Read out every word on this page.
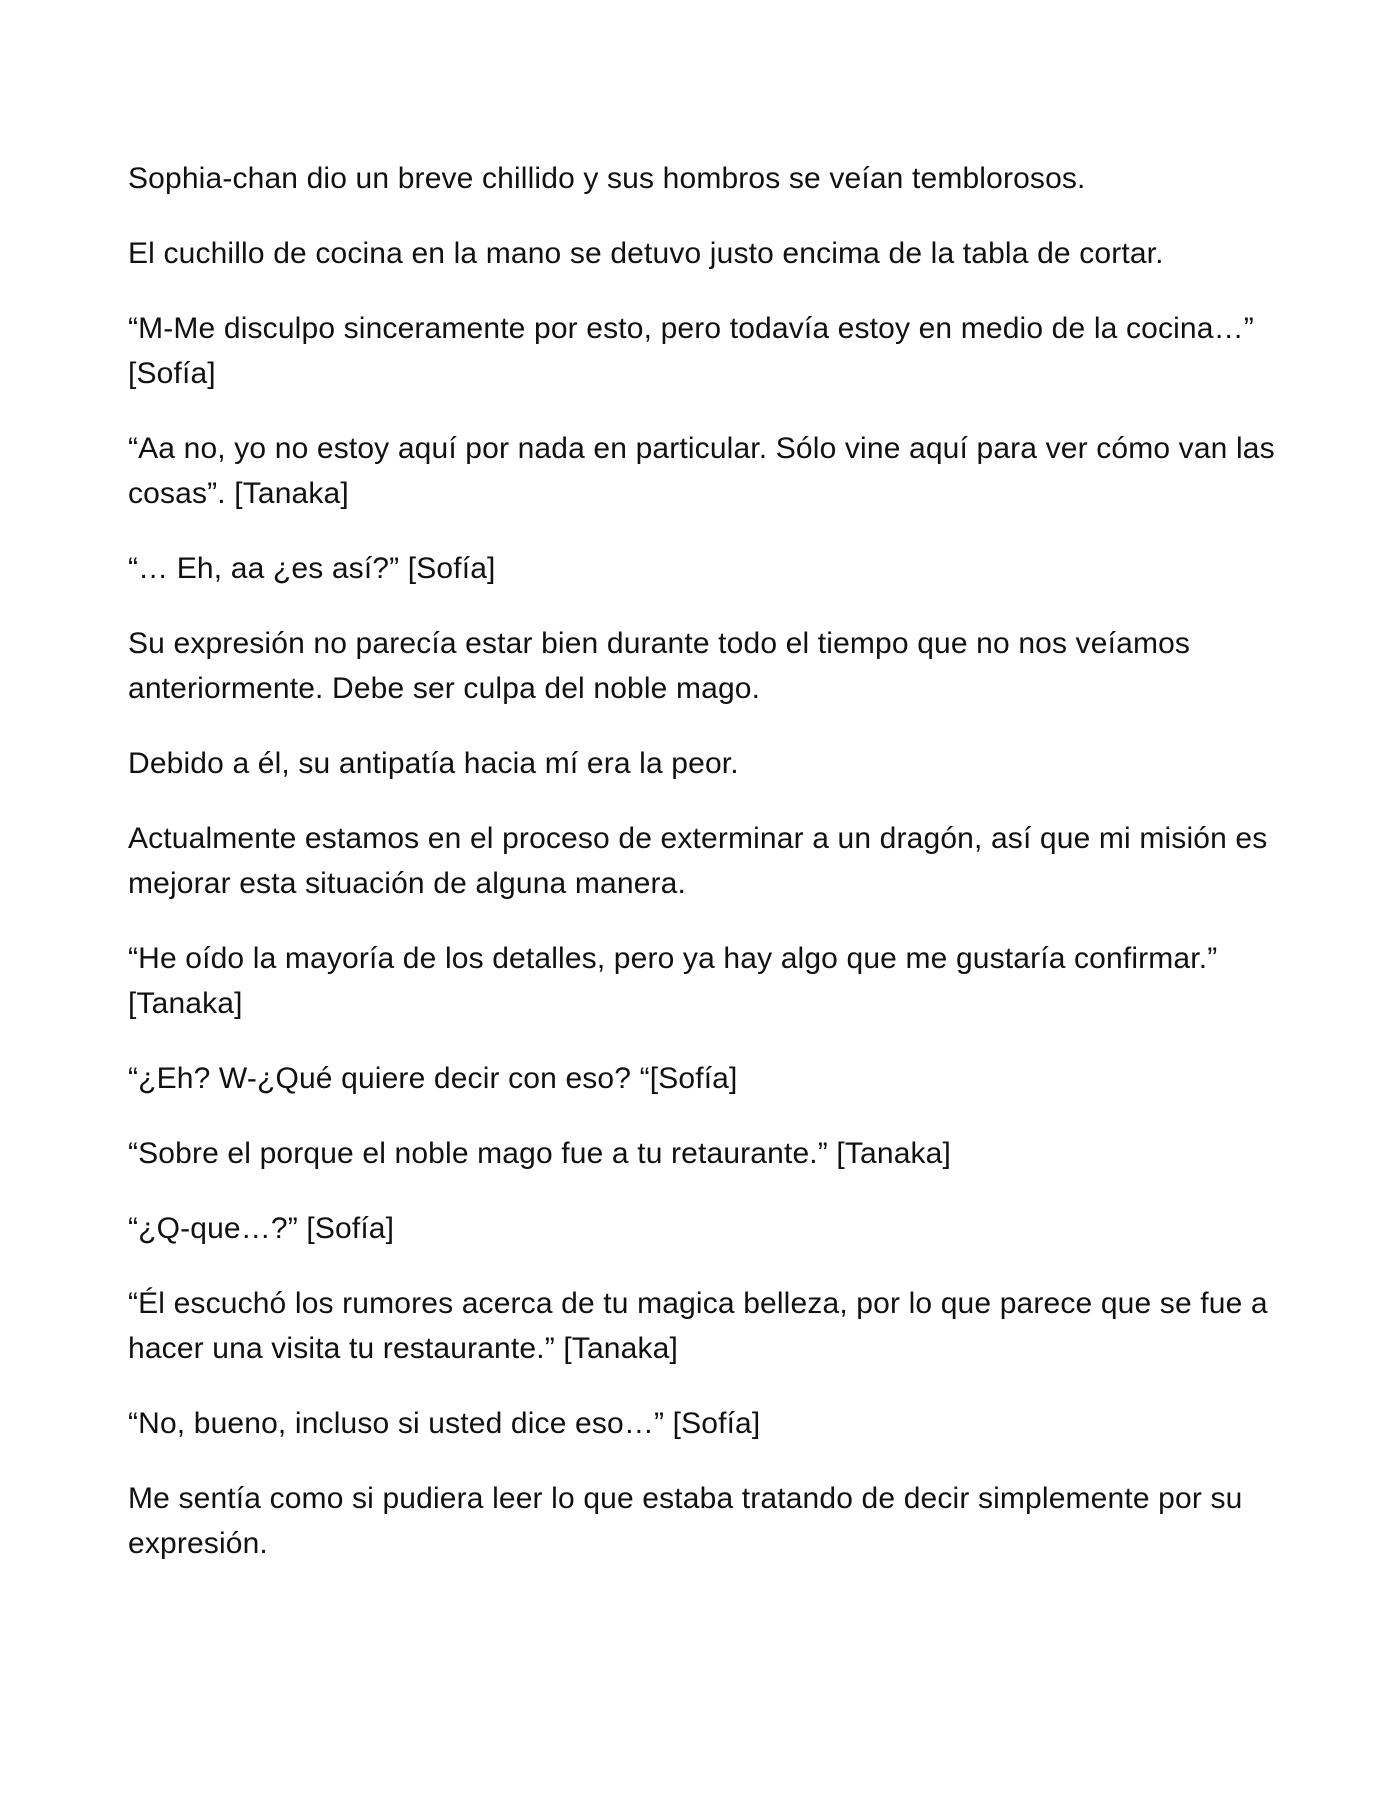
Sophia-chan dio un breve chillido y sus hombros se veían temblorosos.

El cuchillo de cocina en la mano se detuvo justo encima de la tabla de cortar.

“M-Me disculpo sinceramente por esto, pero todavía estoy en medio de la cocina…” [Sofía]

“Aa no, yo no estoy aquí por nada en particular. Sólo vine aquí para ver cómo van las cosas”. [Tanaka]

“… Eh, aa ¿es así?” [Sofía]

Su expresión no parecía estar bien durante todo el tiempo que no nos veíamos anteriormente. Debe ser culpa del noble mago.

Debido a él, su antipatía hacia mí era la peor.

Actualmente estamos en el proceso de exterminar a un dragón, así que mi misión es mejorar esta situación de alguna manera.

“He oído la mayoría de los detalles, pero ya hay algo que me gustaría confirmar.” [Tanaka]

“¿Eh? W-¿Qué quiere decir con eso? “[Sofía]

“Sobre el porque el noble mago fue a tu retaurante.” [Tanaka]

“¿Q-que…?” [Sofía]

“Él escuchó los rumores acerca de tu magica belleza, por lo que parece que se fue a hacer una visita tu restaurante.” [Tanaka]

“No, bueno, incluso si usted dice eso…” [Sofía]

Me sentía como si pudiera leer lo que estaba tratando de decir simplemente por su expresión.
